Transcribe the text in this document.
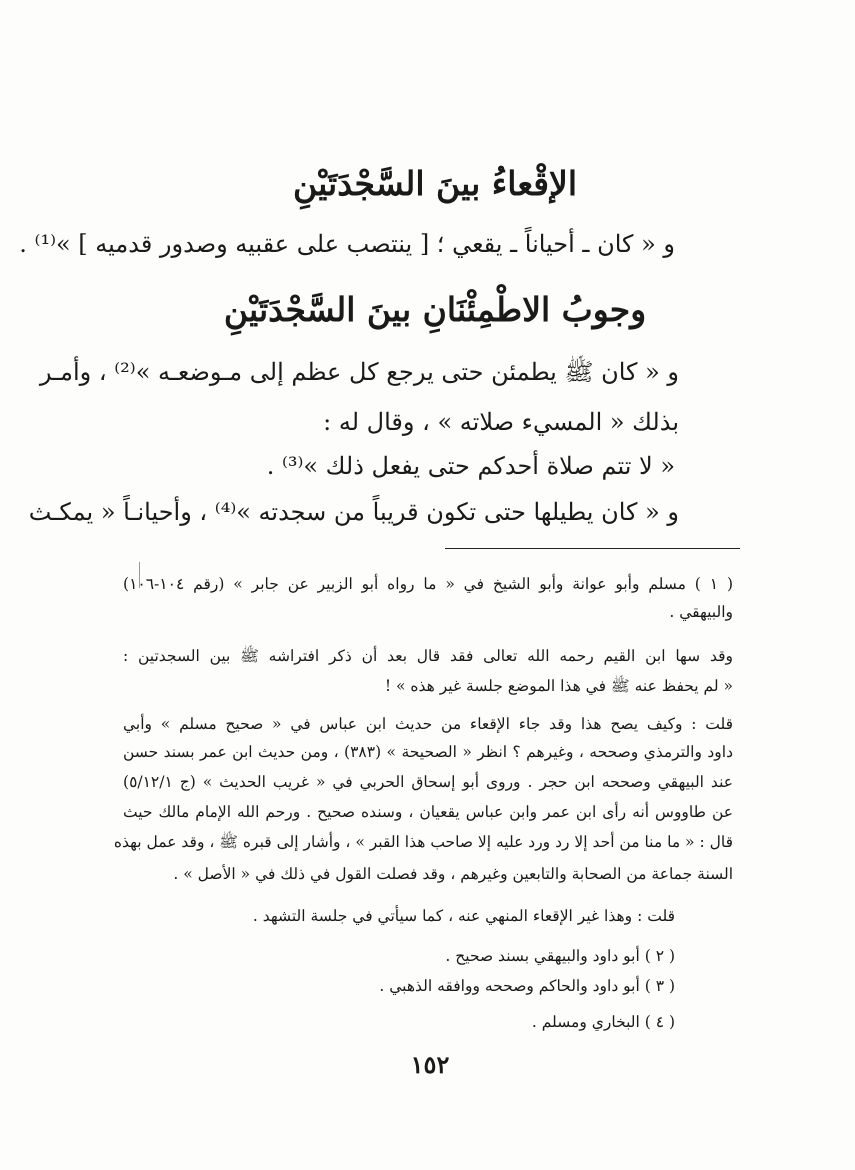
الإقْعاءُ بينَ السَّجْدَتَيْنِ
و « كان ـ أحياناً ـ يقعي ؛ [ ينتصب على عقبيه وصدور قدميه ] »⁽¹⁾ .
وجوبُ الاطْمِئْنَانِ بينَ السَّجْدَتَيْنِ
و « كان ﷺ يطمئن حتى يرجع كل عظم إلى مـوضعـه »⁽²⁾ ، وأمـر
بذلك « المسيء صلاته » ، وقال له :
« لا تتم صلاة أحدكم حتى يفعل ذلك »⁽³⁾ .
و « كان يطيلها حتى تكون قريباً من سجدته »⁽⁴⁾ ، وأحيانـاً « يمكـث
( ١ ) مسلم وأبو عوانة وأبو الشيخ في « ما رواه أبو الزبير عن جابر » (رقم ١٠٤-١٠٦)
والبيهقي .
وقد سها ابن القيم رحمه الله تعالى فقد قال بعد أن ذكر افتراشه ﷺ بين السجدتين :
« لم يحفظ عنه ﷺ في هذا الموضع جلسة غير هذه » !
قلت : وكيف يصح هذا وقد جاء الإقعاء من حديث ابن عباس في « صحيح مسلم » وأبي
داود والترمذي وصححه ، وغيرهم ؟ انظر « الصحيحة » (٣٨٣) ، ومن حديث ابن عمر بسند حسن
عند البيهقي وصححه ابن حجر . وروى أبو إسحاق الحربي في « غريب الحديث » (ج ٥/١٢/١)
عن طاووس أنه رأى ابن عمر وابن عباس يقعيان ، وسنده صحيح . ورحم الله الإمام مالك حيث
قال : « ما منا من أحد إلا رد ورد عليه إلا صاحب هذا القبر » ، وأشار إلى قبره ﷺ ، وقد عمل بهذه
السنة جماعة من الصحابة والتابعين وغيرهم ، وقد فصلت القول في ذلك في « الأصل » .
قلت : وهذا غير الإقعاء المنهي عنه ، كما سيأتي في جلسة التشهد .
( ٢ ) أبو داود والبيهقي بسند صحيح .
( ٣ ) أبو داود والحاكم وصححه ووافقه الذهبي .
( ٤ ) البخاري ومسلم .
١٥٢
